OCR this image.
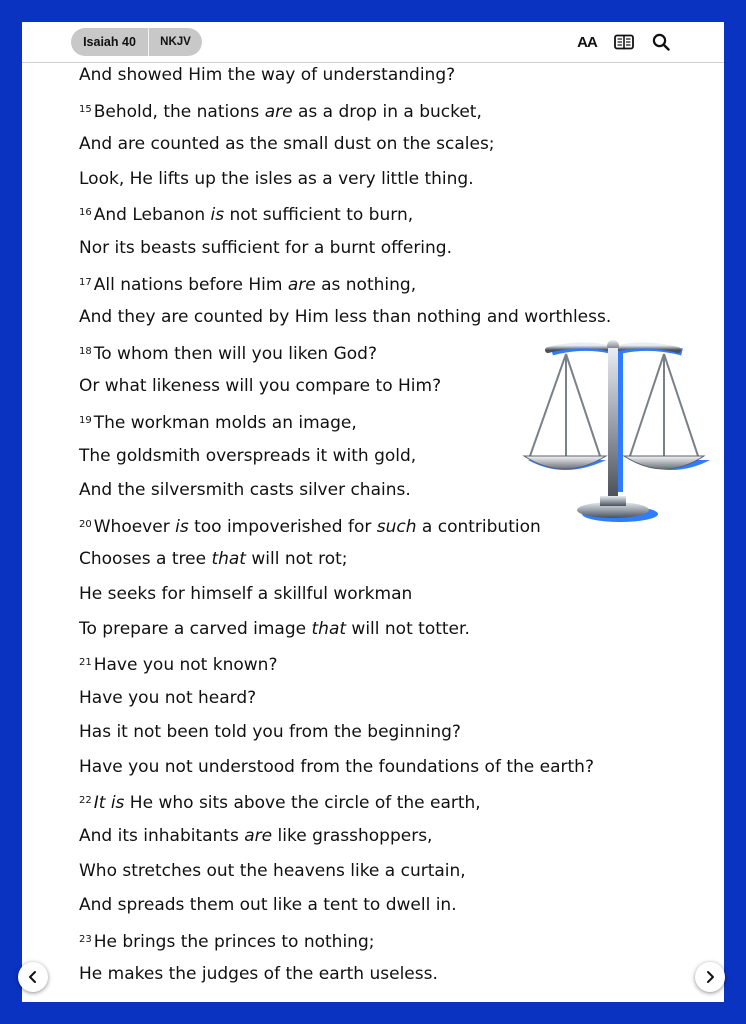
Isaiah 40	NKJV	AA
And showed Him the way of understanding?
$^{15}$ Behold, the nations are as a drop in a bucket,
And are counted as the small dust on the scales;
Look, He lifts up the isles as a very little thing.
$^{16}$ And Lebanon is not sufficient to burn,
Nor its beasts sufficient for a burnt offering.
$^{17}$ All nations before Him are as nothing,
And they are counted by Him less than nothing and worthless.
$^{18}$ To whom then will you liken God?
Or what likeness will you compare to Him?
$^{19}$ The workman molds an image,
The goldsmith overspreads it with gold,
And the silversmith casts silver chains.
$^{20}$ Whoever is too impoverished for such a contribution
Chooses a tree that will not rot;
He seeks for himself a skillful workman
To prepare a carved image that will not totter.
$^{21}$ Have you not known?
Have you not heard?
Has it not been told you from the beginning?
Have you not understood from the foundations of the earth?
$^{22}$ It is He who sits above the circle of the earth,
And its inhabitants are like grasshoppers,
Who stretches out the heavens like a curtain,
And spreads them out like a tent to dwell in.
$^{23}$ He brings the princes to nothing;
He makes the judges of the earth useless.
